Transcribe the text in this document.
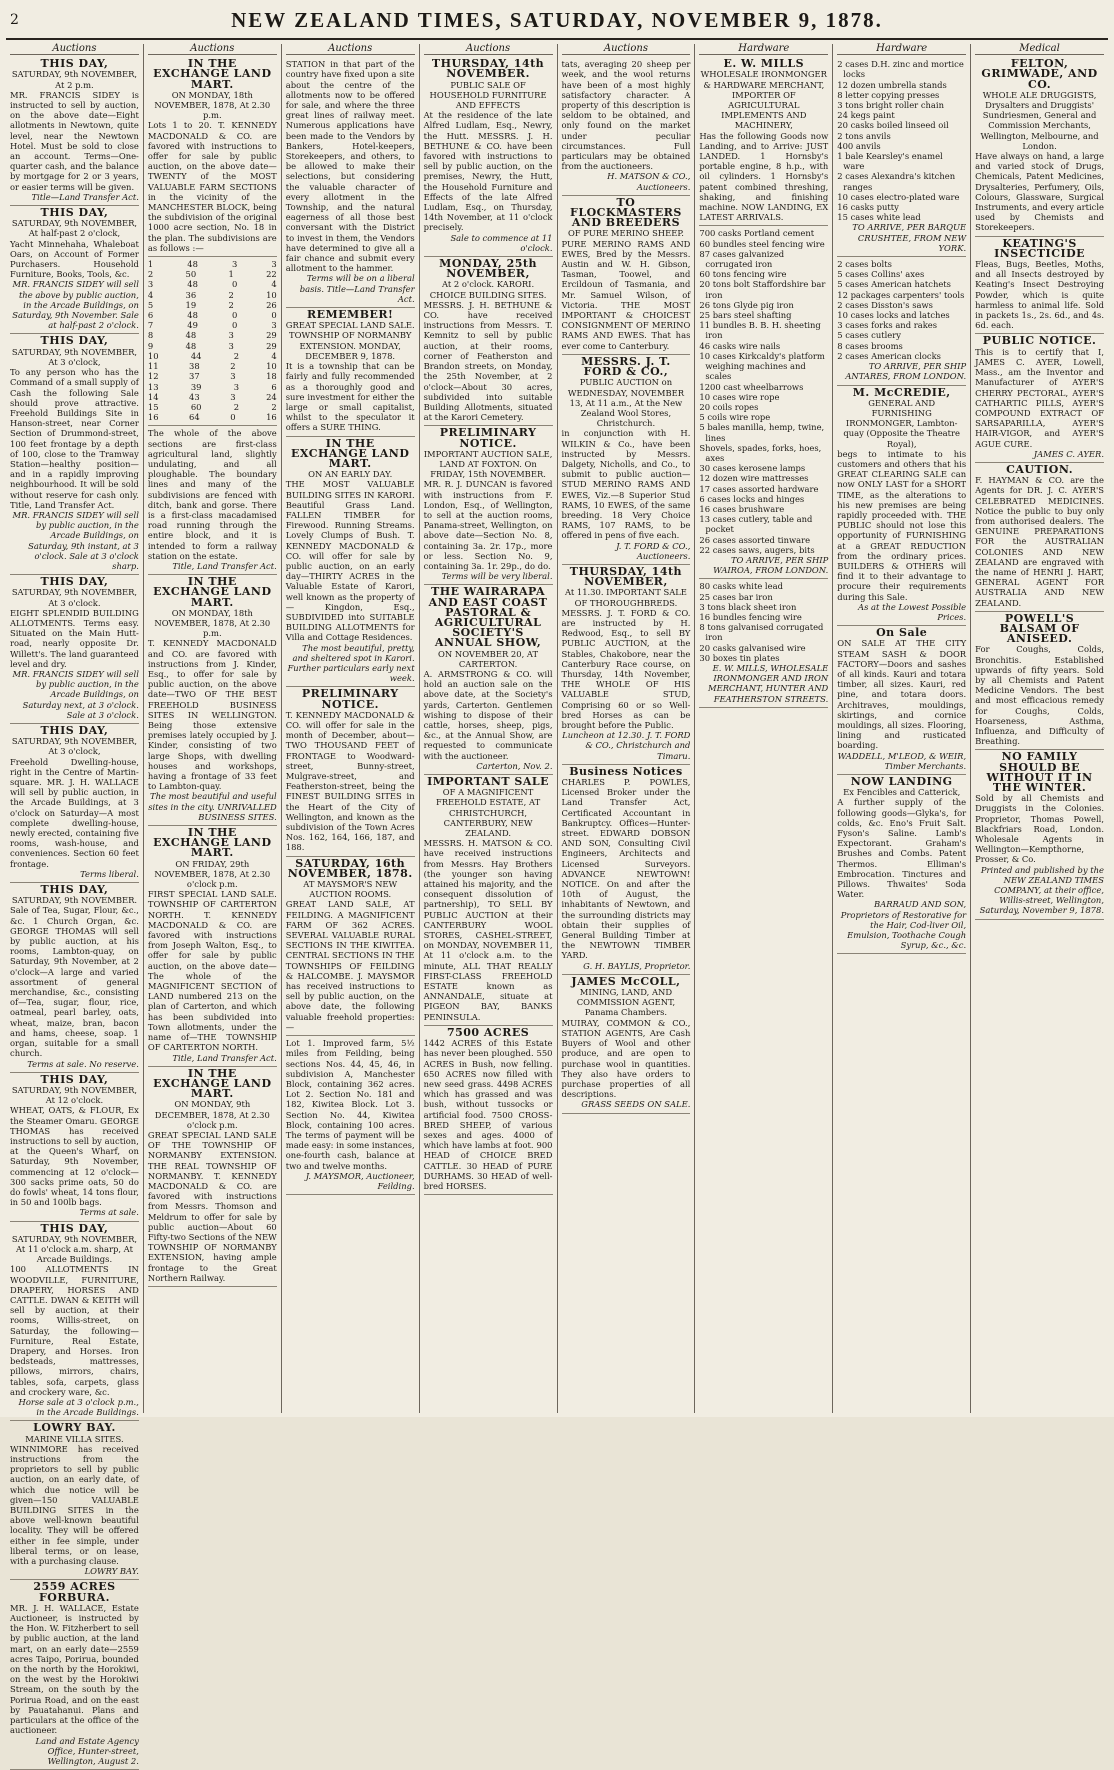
2	NEW ZEALAND TIMES, SATURDAY, NOVEMBER 9, 1878.
Auctions
THIS DAY,
SATURDAY, 9th NOVEMBER, At 2 p.m.
MR. FRANCIS SIDEY is instructed to sell by auction, on the above date—Eight allotments in Newtown, quite level, near the Newtown Hotel. Must be sold to close an account. Terms—One-quarter cash, and the balance by mortgage for 2 or 3 years, or easier terms will be given.
Title—Land Transfer Act.
THIS DAY,
SATURDAY, 9th NOVEMBER, At half-past 2 o'clock,
Yacht Minnehaha, Whaleboat Oars, on Account of Former Purchasers. Household Furniture, Books, Tools, &c.
MR. FRANCIS SIDEY will sell the above by public auction, in the Arcade Buildings, on Saturday, 9th November. Sale at half-past 2 o'clock.
THIS DAY,
SATURDAY, 9th NOVEMBER, At 3 o'clock,
To any person who has the Command of a small supply of Cash the following Sale should prove attractive. Freehold Buildings Site in Hanson-street, near Corner Section of Drummond-street, 100 feet frontage by a depth of 100, close to the Tramway Station—healthy position—and in a rapidly improving neighbourhood. It will be sold without reserve for cash only. Title, Land Transfer Act.
MR. FRANCIS SIDEY will sell by public auction, in the Arcade Buildings, on Saturday, 9th instant, at 3 o'clock. Sale at 3 o'clock sharp.
THIS DAY,
SATURDAY, 9th NOVEMBER, At 3 o'clock.
EIGHT SPLENDID BUILDING ALLOTMENTS. Terms easy. Situated on the Main Hutt-road, nearly opposite Dr. Willett's. The land guaranteed level and dry.
MR. FRANCIS SIDEY will sell by public auction, in the Arcade Buildings, on Saturday next, at 3 o'clock. Sale at 3 o'clock.
THIS DAY,
SATURDAY, 9th NOVEMBER, At 3 o'clock,
Freehold Dwelling-house, right in the Centre of Martin-square. MR. J. H. WALLACE will sell by public auction, in the Arcade Buildings, at 3 o'clock on Saturday—A most complete dwelling-house, newly erected, containing five rooms, wash-house, and conveniences. Section 60 feet frontage.
Terms liberal.
THIS DAY,
SATURDAY, 9th NOVEMBER.
Sale of Tea, Sugar, Flour, &c., &c. 1 Church Organ, &c. GEORGE THOMAS will sell by public auction, at his rooms, Lambton-quay, on Saturday, 9th November, at 2 o'clock—A large and varied assortment of general merchandise, &c., consisting of—Tea, sugar, flour, rice, oatmeal, pearl barley, oats, wheat, maize, bran, bacon and hams, cheese, soap. 1 organ, suitable for a small church.
Terms at sale. No reserve.
THIS DAY,
SATURDAY, 9th NOVEMBER, At 12 o'clock.
WHEAT, OATS, & FLOUR, Ex the Steamer Omaru. GEORGE THOMAS has received instructions to sell by auction, at the Queen's Wharf, on Saturday, 9th November, commencing at 12 o'clock—300 sacks prime oats, 50 do do fowls' wheat, 14 tons flour, in 50 and 100lb bags.
Terms at sale.
THIS DAY,
SATURDAY, 9th NOVEMBER, At 11 o'clock a.m. sharp, At Arcade Buildings.
100 ALLOTMENTS IN WOODVILLE, FURNITURE, DRAPERY, HORSES AND CATTLE. DWAN & KEITH will sell by auction, at their rooms, Willis-street, on Saturday, the following—Furniture, Real Estate, Drapery, and Horses. Iron bedsteads, mattresses, pillows, mirrors, chairs, tables, sofa, carpets, glass and crockery ware, &c.
Horse sale at 3 o'clock p.m., in the Arcade Buildings.
LOWRY BAY.
MARINE VILLA SITES.
WINNIMORE has received instructions from the proprietors to sell by public auction, on an early date, of which due notice will be given—150 VALUABLE BUILDING SITES in the above well-known beautiful locality. They will be offered either in fee simple, under liberal terms, or on lease, with a purchasing clause.
LOWRY BAY.
2559 ACRES FORBURA.
MR. J. H. WALLACE, Estate Auctioneer, is instructed by the Hon. W. Fitzherbert to sell by public auction, at the land mart, on an early date—2559 acres Taipo, Porirua, bounded on the north by the Horokiwi, on the west by the Horokiwi Stream, on the south by the Porirua Road, and on the east by Pauatahanui. Plans and particulars at the office of the auctioneer.
Land and Estate Agency Office, Hunter-street, Wellington, August 2.
Auctions
IN THE EXCHANGE LAND MART.
ON MONDAY, 18th NOVEMBER, 1878, At 2.30 p.m.
Lots 1 to 20. T. KENNEDY MACDONALD & CO. are favored with instructions to offer for sale by public auction, on the above date—TWENTY of the MOST VALUABLE FARM SECTIONS in the vicinity of the MANCHESTER BLOCK, being the subdivision of the original 1000 acre section, No. 18 in the plan. The subdivisions are as follows :—
1	48	3	3
2	50	1	22
3	48	0	4
4	36	2	10
5	19	2	26
6	48	0	0
7	49	0	3
8	48	3	29
9	48	3	29
10	44	2	4
11	38	2	10
12	37	3	18
13	39	3	6
14	43	3	24
15	60	2	2
16	64	0	16
The whole of the above sections are first-class agricultural land, slightly undulating, and all ploughable. The boundary lines and many of the subdivisions are fenced with ditch, bank and gorse. There is a first-class macadamised road running through the entire block, and it is intended to form a railway station on the estate.
Title, Land Transfer Act.
IN THE EXCHANGE LAND MART.
ON MONDAY, 18th NOVEMBER, 1878, At 2.30 p.m.
T. KENNEDY MACDONALD and CO. are favored with instructions from J. Kinder, Esq., to offer for sale by public auction, on the above date—TWO OF THE BEST FREEHOLD BUSINESS SITES IN WELLINGTON. Being those extensive premises lately occupied by J. Kinder, consisting of two large Shops, with dwelling houses and workshops, having a frontage of 33 feet to Lambton-quay.
The most beautiful and useful sites in the city. UNRIVALLED BUSINESS SITES.
IN THE EXCHANGE LAND MART.
ON FRIDAY, 29th NOVEMBER, 1878, At 2.30 o'clock p.m.
FIRST SPECIAL LAND SALE. TOWNSHIP OF CARTERTON NORTH. T. KENNEDY MACDONALD & CO. are favored with instructions from Joseph Walton, Esq., to offer for sale by public auction, on the above date—The whole of the MAGNIFICENT SECTION of LAND numbered 213 on the plan of Carterton, and which has been subdivided into Town allotments, under the name of—THE TOWNSHIP OF CARTERTON NORTH.
Title, Land Transfer Act.
IN THE EXCHANGE LAND MART.
ON MONDAY, 9th DECEMBER, 1878, At 2.30 o'clock p.m.
GREAT SPECIAL LAND SALE OF THE TOWNSHIP OF NORMANBY EXTENSION. THE REAL TOWNSHIP OF NORMANBY. T. KENNEDY MACDONALD & CO. are favored with instructions from Messrs. Thomson and Meldrum to offer for sale by public auction—About 60 Fifty-two Sections of the NEW TOWNSHIP OF NORMANBY EXTENSION, having ample frontage to the Great Northern Railway.
Auctions
STATION in that part of the country have fixed upon a site about the centre of the allotments now to be offered for sale, and where the three great lines of railway meet. Numerous applications have been made to the Vendors by Bankers, Hotel-keepers, Storekeepers, and others, to be allowed to make their selections, but considering the valuable character of every allotment in the Township, and the natural eagerness of all those best conversant with the District to invest in them, the Vendors have determined to give all a fair chance and submit every allotment to the hammer.
Terms will be on a liberal basis. Title—Land Transfer Act.
REMEMBER!
GREAT SPECIAL LAND SALE. TOWNSHIP OF NORMANBY EXTENSION. MONDAY, DECEMBER 9, 1878.
It is a township that can be fairly and fully recommended as a thoroughly good and sure investment for either the large or small capitalist, whilst to the speculator it offers a SURE THING.
IN THE EXCHANGE LAND MART.
ON AN EARLY DAY.
THE MOST VALUABLE BUILDING SITES IN KARORI. Beautiful Grass Land. FALLEN TIMBER for Firewood. Running Streams. Lovely Clumps of Bush. T. KENNEDY MACDONALD & CO. will offer for sale by public auction, on an early day—THIRTY ACRES in the Valuable Estate of Karori, well known as the property of— Kingdon, Esq., SUBDIVIDED into SUITABLE BUILDING ALLOTMENTS for Villa and Cottage Residences.
The most beautiful, pretty, and sheltered spot in Karori. Further particulars early next week.
PRELIMINARY NOTICE.
T. KENNEDY MACDONALD & CO. will offer for sale in the month of December, about—TWO THOUSAND FEET of FRONTAGE to Woodward-street, Bunny-street, Mulgrave-street, and Featherston-street, being the FINEST BUILDING SITES in the Heart of the City of Wellington, and known as the subdivision of the Town Acres Nos. 162, 164, 166, 187, and 188.
SATURDAY, 16th NOVEMBER, 1878.
AT MAYSMOR'S NEW AUCTION ROOMS.
GREAT LAND SALE, AT FEILDING. A MAGNIFICENT FARM OF 362 ACRES. SEVERAL VALUABLE RURAL SECTIONS IN THE KIWITEA. CENTRAL SECTIONS IN THE TOWNSHIPS OF FEILDING & HALCOMBE. J. MAYSMOR has received instructions to sell by public auction, on the above date, the following valuable freehold properties:—
Lot 1. Improved farm, 5½ miles from Feilding, being sections Nos. 44, 45, 46, in subdivision A, Manchester Block, containing 362 acres. Lot 2. Section No. 181 and 182, Kiwitea Block. Lot 3. Section No. 44, Kiwitea Block, containing 100 acres. The terms of payment will be made easy: in some instances, one-fourth cash, balance at two and twelve months.
J. MAYSMOR, Auctioneer, Feilding.
Auctions
THURSDAY, 14th NOVEMBER.
PUBLIC SALE OF HOUSEHOLD FURNITURE AND EFFECTS
At the residence of the late Alfred Ludlam, Esq., Newry, the Hutt. MESSRS. J. H. BETHUNE & CO. have been favored with instructions to sell by public auction, on the premises, Newry, the Hutt, the Household Furniture and Effects of the late Alfred Ludlam, Esq., on Thursday, 14th November, at 11 o'clock precisely.
Sale to commence at 11 o'clock.
MONDAY, 25th NOVEMBER,
At 2 o'clock. KARORI. CHOICE BUILDING SITES.
MESSRS. J. H. BETHUNE & CO. have received instructions from Messrs. T. Kemnitz to sell by public auction, at their rooms, corner of Featherston and Brandon streets, on Monday, the 25th November, at 2 o'clock—About 30 acres, subdivided into suitable Building Allotments, situated at the Karori Cemetery.
PRELIMINARY NOTICE.
IMPORTANT AUCTION SALE, LAND AT FOXTON. On FRIDAY, 15th NOVEMBER.
MR. R. J. DUNCAN is favored with instructions from F. London, Esq., of Wellington, to sell at the auction rooms, Panama-street, Wellington, on above date—Section No. 8, containing 3a. 2r. 17p., more or less. Section No. 9, containing 3a. 1r. 29p., do do.
Terms will be very liberal.
THE WAIRARAPA AND EAST COAST PASTORAL & AGRICULTURAL SOCIETY'S ANNUAL SHOW,
ON NOVEMBER 20, AT CARTERTON.
A. ARMSTRONG & CO. will hold an auction sale on the above date, at the Society's yards, Carterton. Gentlemen wishing to dispose of their cattle, horses, sheep, pigs, &c., at the Annual Show, are requested to communicate with the auctioneer.
Carterton, Nov. 2.
IMPORTANT SALE
OF A MAGNIFICENT FREEHOLD ESTATE, AT CHRISTCHURCH, CANTERBURY, NEW ZEALAND.
MESSRS. H. MATSON & CO. have received instructions from Messrs. Hay Brothers (the younger son having attained his majority, and the consequent dissolution of partnership), TO SELL BY PUBLIC AUCTION at their CANTERBURY WOOL STORES, CASHEL-STREET, on MONDAY, NOVEMBER 11, At 11 o'clock a.m. to the minute, ALL THAT REALLY FIRST-CLASS FREEHOLD ESTATE known as ANNANDALE, situate at PIGEON BAY, BANKS PENINSULA.
7500 ACRES
1442 ACRES of this Estate has never been ploughed. 550 ACRES in Bush, now felling. 650 ACRES now filled with new seed grass. 4498 ACRES which has grassed and was bush, without tussocks or artificial food. 7500 CROSS-BRED SHEEP, of various sexes and ages. 4000 of which have lambs at foot. 900 HEAD of CHOICE BRED CATTLE. 30 HEAD of PURE DURHAMS. 30 HEAD of well-bred HORSES.
Auctions
tats, averaging 20 sheep per week, and the wool returns have been of a most highly satisfactory character. A property of this description is seldom to be obtained, and only found on the market under peculiar circumstances. Full particulars may be obtained from the auctioneers.
H. MATSON & CO., Auctioneers.
TO FLOCKMASTERS AND BREEDERS
OF PURE MERINO SHEEP.
PURE MERINO RAMS AND EWES, Bred by the Messrs. Austin and W. H. Gibson, Tasman, Toowel, and Ercildoun of Tasmania, and Mr. Samuel Wilson, of Victoria. THE MOST IMPORTANT & CHOICEST CONSIGNMENT OF MERINO RAMS AND EWES. That has ever come to Canterbury.
MESSRS. J. T. FORD & CO.,
PUBLIC AUCTION on WEDNESDAY, NOVEMBER 13, At 11 a.m., At the New Zealand Wool Stores, Christchurch.
in conjunction with H. WILKIN & Co., have been instructed by Messrs. Dalgety, Nicholls, and Co., to submit to public auction—STUD MERINO RAMS AND EWES, Viz.—8 Superior Stud RAMS, 10 EWES, of the same breeding. 18 Very Choice RAMS, 107 RAMS, to be offered in pens of five each.
J. T. FORD & CO., Auctioneers.
THURSDAY, 14th NOVEMBER,
At 11.30. IMPORTANT SALE OF THOROUGHBREDS.
MESSRS. J. T. FORD & CO. are instructed by H. Redwood, Esq., to sell BY PUBLIC AUCTION, at the Stables, Chakobore, near the Canterbury Race course, on Thursday, 14th November, THE WHOLE OF HIS VALUABLE STUD, Comprising 60 or so Well-bred Horses as can be brought before the Public.
Luncheon at 12.30. J. T. FORD & CO., Christchurch and Timaru.
Business Notices
CHARLES P. POWLES, Licensed Broker under the Land Transfer Act, Certificated Accountant in Bankruptcy. Offices—Hunter-street. EDWARD DOBSON AND SON, Consulting Civil Engineers, Architects and Licensed Surveyors. ADVANCE NEWTOWN! NOTICE. On and after the 10th of August, the inhabitants of Newtown, and the surrounding districts may obtain their supplies of General Building Timber at the NEWTOWN TIMBER YARD.
G. H. BAYLIS, Proprietor.
JAMES McCOLL,
MINING, LAND, AND COMMISSION AGENT, Panama Chambers.
MUIRAY, COMMON & CO., STATION AGENTS, Are Cash Buyers of Wool and other produce, and are open to purchase wool in quantities. They also have orders to purchase properties of all descriptions.
GRASS SEEDS ON SALE.
Hardware
E. W. MILLS
WHOLESALE IRONMONGER & HARDWARE MERCHANT, IMPORTER OF AGRICULTURAL IMPLEMENTS AND MACHINERY,
Has the following Goods now Landing, and to Arrive: JUST LANDED. 1 Hornsby's portable engine, 8 h.p., with oil cylinders. 1 Hornsby's patent combined threshing, shaking, and finishing machine. NOW LANDING, EX LATEST ARRIVALS.
700 casks Portland cement
60 bundles steel fencing wire
87 cases galvanized corrugated iron
60 tons fencing wire
20 tons bolt Staffordshire bar iron
26 tons Glyde pig iron
25 bars steel shafting
11 bundles B. B. H. sheeting iron
46 casks wire nails
10 cases Kirkcaldy's platform weighing machines and scales
1200 cast wheelbarrows
10 cases wire rope
20 coils ropes
5 coils wire rope
5 bales manilla, hemp, twine, lines
Shovels, spades, forks, hoes, axes
30 cases kerosene lamps
12 dozen wire mattresses
17 cases assorted hardware
6 cases locks and hinges
16 cases brushware
13 cases cutlery, table and pocket
26 cases assorted tinware
22 cases saws, augers, bits
TO ARRIVE, PER SHIP WAIROA, FROM LONDON.
80 casks white lead
25 cases bar iron
3 tons black sheet iron
16 bundles fencing wire
8 tons galvanised corrugated iron
20 casks galvanised wire
30 boxes tin plates
E. W. MILLS, WHOLESALE IRONMONGER AND IRON MERCHANT, HUNTER AND FEATHERSTON STREETS.
Hardware
2 cases D.H. zinc and mortice locks
12 dozen umbrella stands
8 letter copying presses
3 tons bright roller chain
24 kegs paint
20 casks boiled linseed oil
2 tons anvils
400 anvils
1 bale Kearsley's enamel ware
2 cases Alexandra's kitchen ranges
10 cases electro-plated ware
16 casks putty
15 cases white lead
TO ARRIVE, PER BARQUE CRUSHTEE, FROM NEW YORK.
2 cases bolts
5 cases Collins' axes
5 cases American hatchets
12 packages carpenters' tools
2 cases Disston's saws
10 cases locks and latches
3 cases forks and rakes
5 cases cutlery
8 cases brooms
2 cases American clocks
TO ARRIVE, PER SHIP ANTARES, FROM LONDON.
M. McCREDIE,
GENERAL AND FURNISHING IRONMONGER, Lambton-quay (Opposite the Theatre Royal),
begs to intimate to his customers and others that his GREAT CLEARING SALE can now ONLY LAST for a SHORT TIME, as the alterations to his new premises are being rapidly proceeded with. THE PUBLIC should not lose this opportunity of FURNISHING at a GREAT REDUCTION from the ordinary prices. BUILDERS & OTHERS will find it to their advantage to procure their requirements during this Sale.
As at the Lowest Possible Prices.
On Sale
ON SALE AT THE CITY STEAM SASH & DOOR FACTORY—Doors and sashes of all kinds. Kauri and totara timber, all sizes. Kauri, red pine, and totara doors. Architraves, mouldings, skirtings, and cornice mouldings, all sizes. Flooring, lining and rusticated boarding.
WADDELL, M'LEOD, & WEIR, Timber Merchants.
NOW LANDING
Ex Fencibles and Catterick,
A further supply of the following goods—Glyka's, for colds, &c. Eno's Fruit Salt. Fyson's Saline. Lamb's Expectorant. Graham's Brushes and Combs. Patent Thermos. Elliman's Embrocation. Tinctures and Pillows. Thwaites' Soda Water.
BARRAUD AND SON, Proprietors of Restorative for the Hair, Cod-liver Oil, Emulsion, Toothache Cough Syrup, &c., &c.
Medical
FELTON, GRIMWADE, AND CO.
WHOLE ALE DRUGGISTS, Drysalters and Druggists' Sundriesmen, General and Commission Merchants, Wellington, Melbourne, and London.
Have always on hand, a large and varied stock of Drugs, Chemicals, Patent Medicines, Drysalteries, Perfumery, Oils, Colours, Glassware, Surgical Instruments, and every article used by Chemists and Storekeepers.
KEATING'S INSECTICIDE
Fleas, Bugs, Beetles, Moths, and all Insects destroyed by Keating's Insect Destroying Powder, which is quite harmless to animal life. Sold in packets 1s., 2s. 6d., and 4s. 6d. each.
PUBLIC NOTICE.
This is to certify that I, JAMES C. AYER, Lowell, Mass., am the Inventor and Manufacturer of AYER'S CHERRY PECTORAL, AYER'S CATHARTIC PILLS, AYER'S COMPOUND EXTRACT OF SARSAPARILLA, AYER'S HAIR-VIGOR, and AYER'S AGUE CURE.
JAMES C. AYER.
CAUTION.
F. HAYMAN & CO. are the Agents for DR. J. C. AYER'S CELEBRATED MEDICINES. Notice the public to buy only from authorised dealers. The GENUINE PREPARATIONS FOR the AUSTRALIAN COLONIES AND NEW ZEALAND are engraved with the name of HENRI J. HART, GENERAL AGENT FOR AUSTRALIA AND NEW ZEALAND.
POWELL'S BALSAM OF ANISEED.
For Coughs, Colds, Bronchitis. Established upwards of fifty years. Sold by all Chemists and Patent Medicine Vendors. The best and most efficacious remedy for Coughs, Colds, Hoarseness, Asthma, Influenza, and Difficulty of Breathing.
NO FAMILY SHOULD BE WITHOUT IT IN THE WINTER.
Sold by all Chemists and Druggists in the Colonies. Proprietor, Thomas Powell, Blackfriars Road, London. Wholesale Agents in Wellington—Kempthorne, Prosser, & Co.
Printed and published by the NEW ZEALAND TIMES COMPANY, at their office, Willis-street, Wellington, Saturday, November 9, 1878.
